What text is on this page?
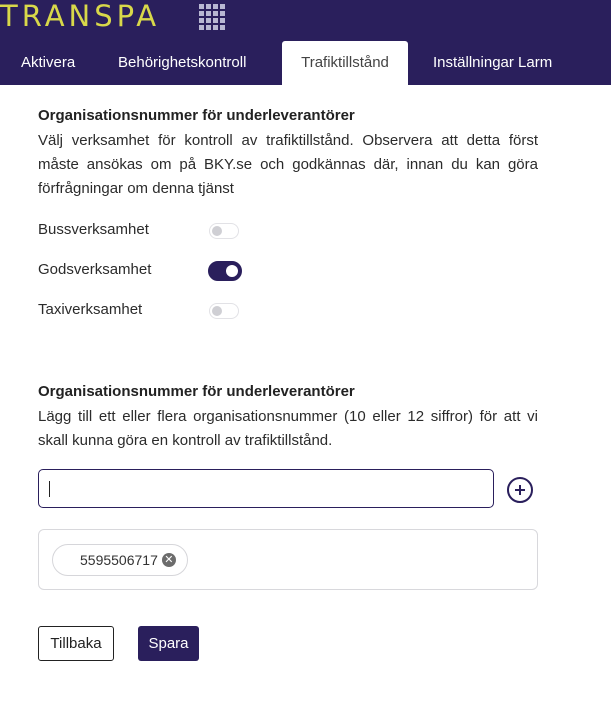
TRANSPA
Aktivera	Behörighetskontroll	Trafiktillstånd	Inställningar Larm
Organisationsnummer för underleverantörer
Välj verksamhet för kontroll av trafiktillstånd. Observera att detta först måste ansökas om på BKY.se och godkännas där, innan du kan göra förfrågningar om denna tjänst
Bussverksamhet
Godsverksamhet
Taxiverksamhet
Organisationsnummer för underleverantörer
Lägg till ett eller flera organisationsnummer (10 eller 12 siffror) för att vi skall kunna göra en kontroll av trafiktillstånd.
5595506717 ✕
Tillbaka	Spara
